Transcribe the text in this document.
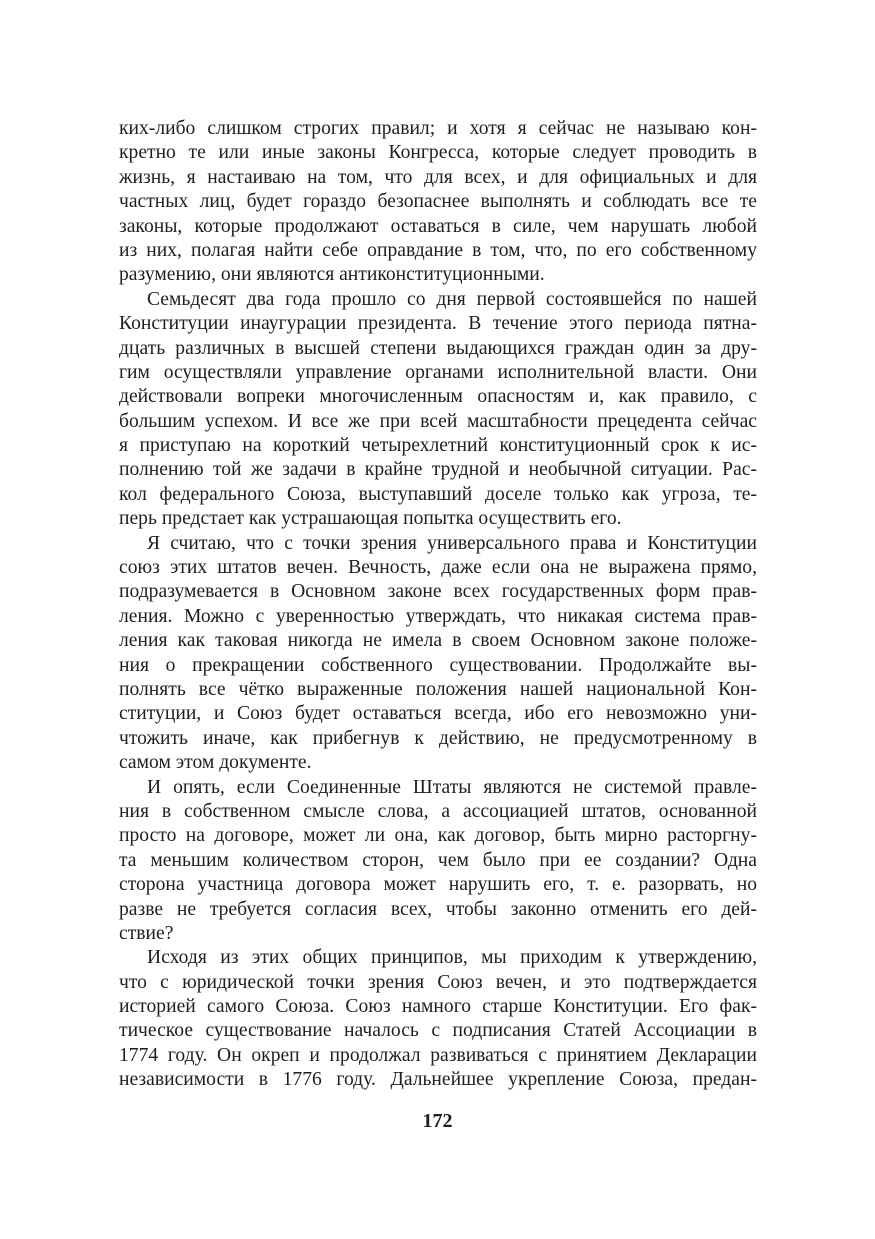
ких-либо слишком строгих правил; и хотя я сейчас не называю кон-
кретно те или иные законы Конгресса, которые следует проводить в
жизнь, я настаиваю на том, что для всех, и для официальных и для
частных лиц, будет гораздо безопаснее выполнять и соблюдать все те
законы, которые продолжают оставаться в силе, чем нарушать любой
из них, полагая найти себе оправдание в том, что, по его собственному
разумению, они являются антиконституционными.
Семьдесят два года прошло со дня первой состоявшейся по нашей
Конституции инаугурации президента. В течение этого периода пятна-
дцать различных в высшей степени выдающихся граждан один за дру-
гим осуществляли управление органами исполнительной власти. Они
действовали вопреки многочисленным опасностям и, как правило, с
большим успехом. И все же при всей масштабности прецедента сейчас
я приступаю на короткий четырехлетний конституционный срок к ис-
полнению той же задачи в крайне трудной и необычной ситуации. Рас-
кол федерального Союза, выступавший доселе только как угроза, те-
перь предстает как устрашающая попытка осуществить его.
Я считаю, что с точки зрения универсального права и Конституции
союз этих штатов вечен. Вечность, даже если она не выражена прямо,
подразумевается в Основном законе всех государственных форм прав-
ления. Можно с уверенностью утверждать, что никакая система прав-
ления как таковая никогда не имела в своем Основном законе положе-
ния о прекращении собственного существовании. Продолжайте вы-
полнять все чётко выраженные положения нашей национальной Кон-
ституции, и Союз будет оставаться всегда, ибо его невозможно уни-
чтожить иначе, как прибегнув к действию, не предусмотренному в
самом этом документе.
И опять, если Соединенные Штаты являются не системой правле-
ния в собственном смысле слова, а ассоциацией штатов, основанной
просто на договоре, может ли она, как договор, быть мирно расторгну-
та меньшим количеством сторон, чем было при ее создании? Одна
сторона участница договора может нарушить его, т. е. разорвать, но
разве не требуется согласия всех, чтобы законно отменить его дей-
ствие?
Исходя из этих общих принципов, мы приходим к утверждению,
что с юридической точки зрения Союз вечен, и это подтверждается
историей самого Союза. Союз намного старше Конституции. Его фак-
тическое существование началось с подписания Статей Ассоциации в
1774 году. Он окреп и продолжал развиваться с принятием Декларации
независимости в 1776 году. Дальнейшее укрепление Союза, предан-
172
